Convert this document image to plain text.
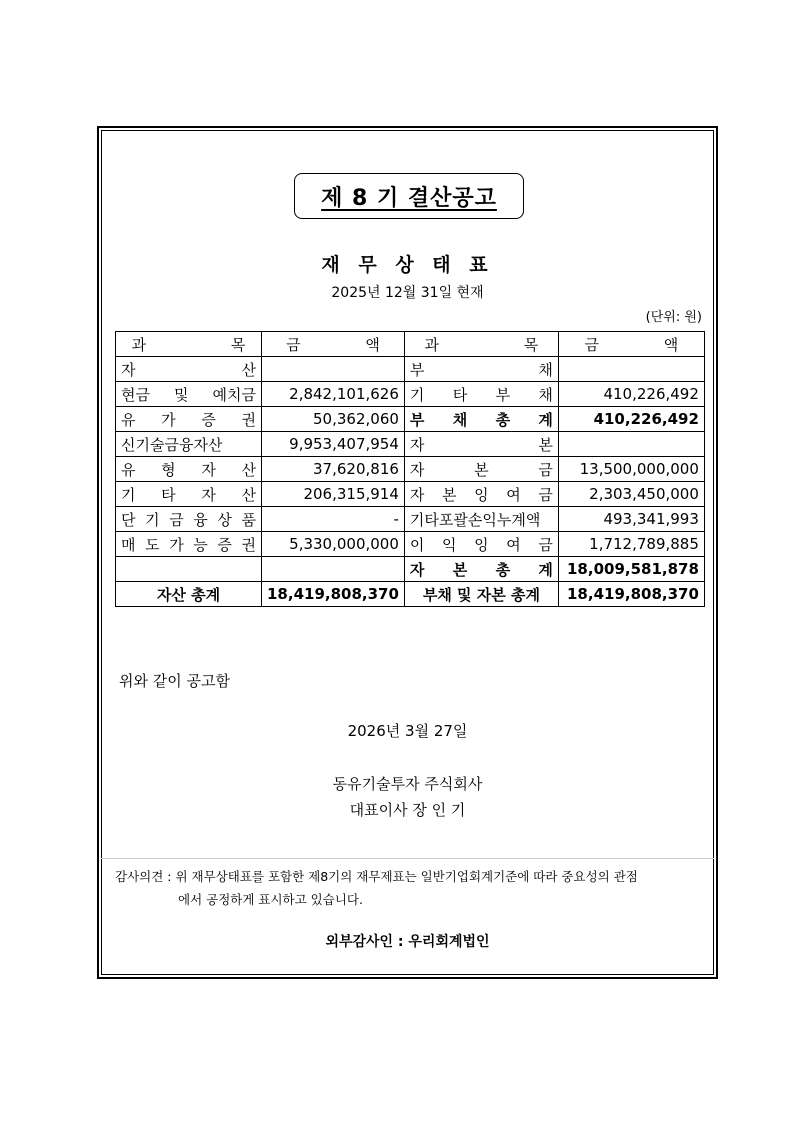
제 8 기 결산공고
재 무 상 태 표
2025년 12월 31일 현재
(단위: 원)
과 목	금 액	과 목	금 액
자 산		부 채	
현금 및 예치금	2,842,101,626	기 타 부 채	410,226,492
유 가 증 권	50,362,060	부 채 총 계	410,226,492
신기술금융자산	9,953,407,954	자 본	
유 형 자 산	37,620,816	자 본 금	13,500,000,000
기 타 자 산	206,315,914	자 본 잉 여 금	2,303,450,000
단 기 금 융 상 품	-	기타포괄손익누계액	493,341,993
매 도 가 능 증 권	5,330,000,000	이 익 잉 여 금	1,712,789,885
		자 본 총 계	18,009,581,878
자산 총계	18,419,808,370	부채 및 자본 총계	18,419,808,370
위와 같이 공고함
2026년 3월 27일
동유기술투자 주식회사
대표이사 장 인 기
감사의견 : 위 재무상태표를 포함한 제8기의 재무제표는 일반기업회계기준에 따라 중요성의 관점
에서 공정하게 표시하고 있습니다.
외부감사인 : 우리회계법인
